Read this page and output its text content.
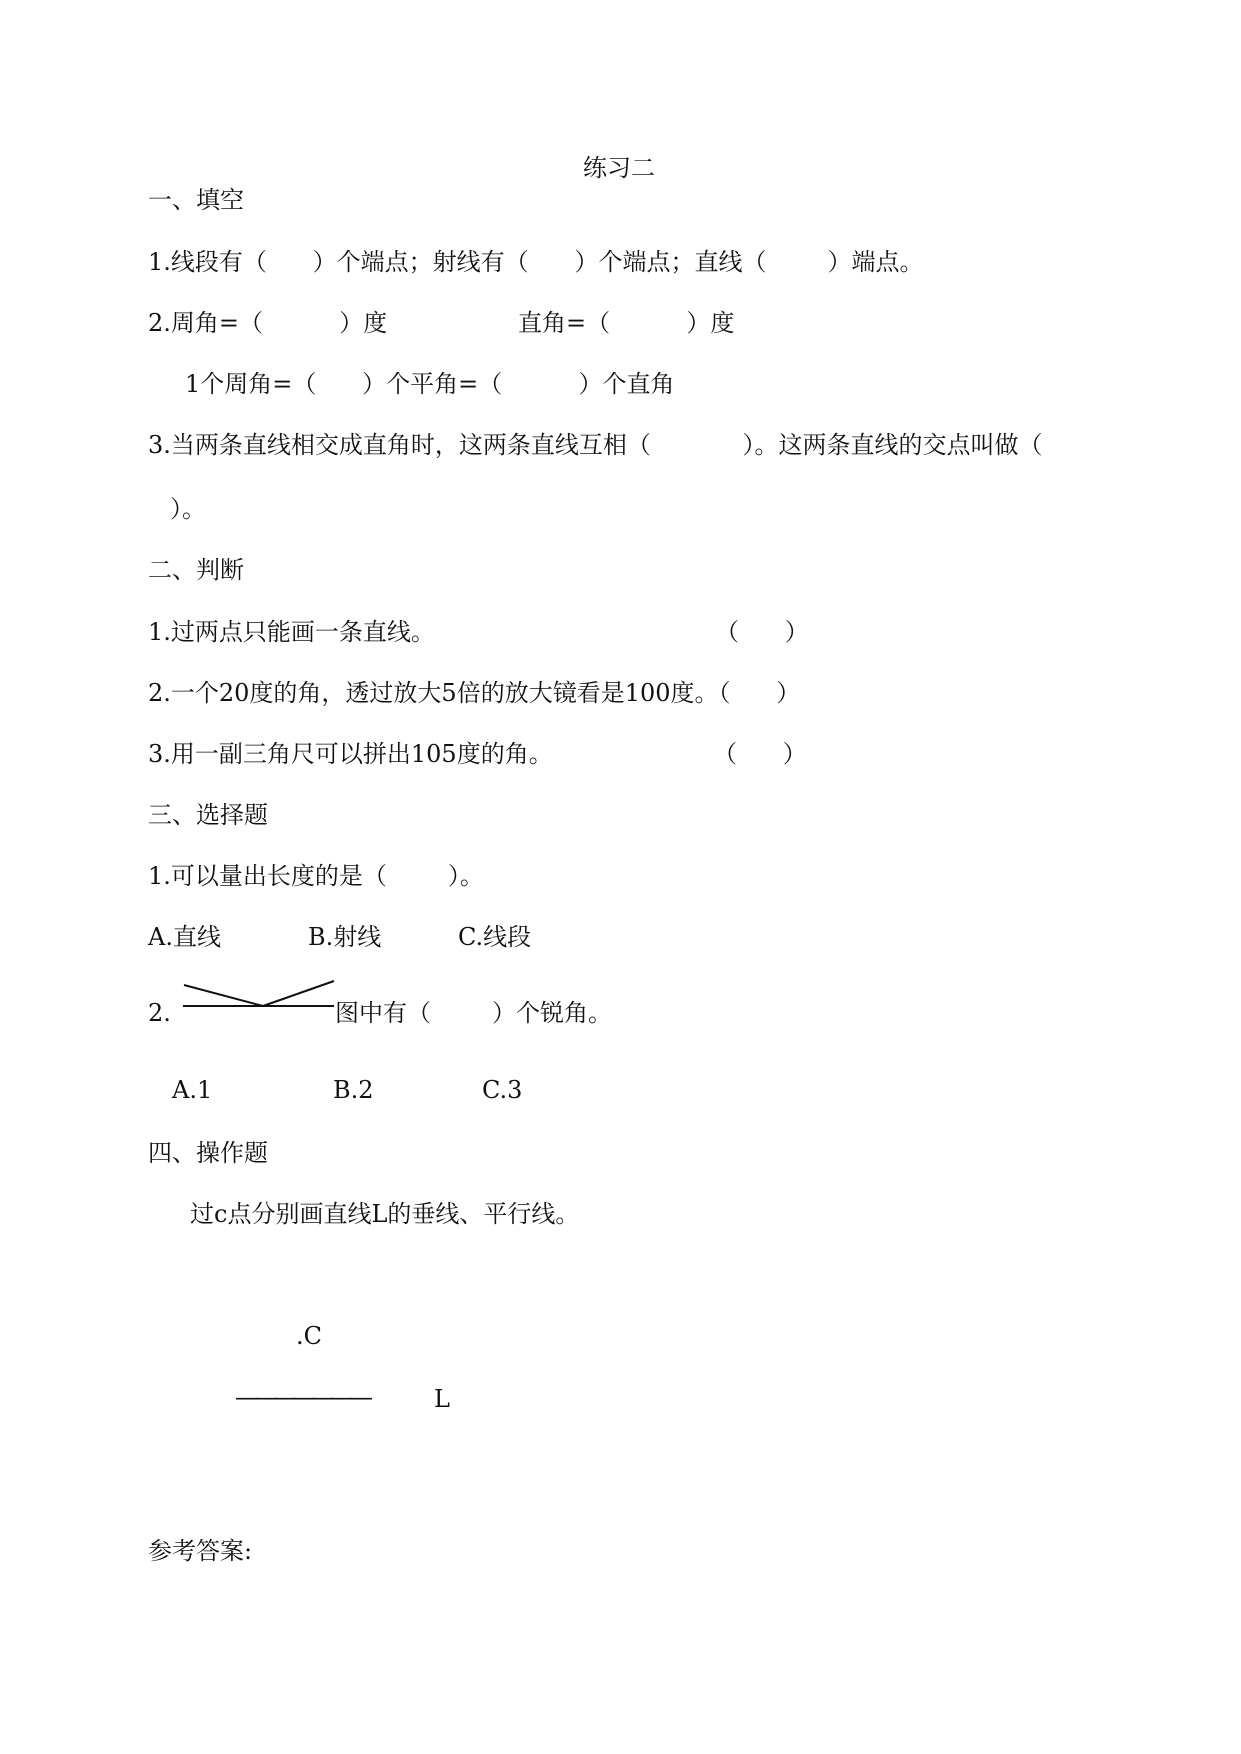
练习二

一、填空

1.线段有（      ）个端点；射线有（      ）个端点；直线（        ）端点。

2.周角=（          ）度	直角=（          ）度

1个周角=（      ）个平角=（          ）个直角

3.当两条直线相交成直角时，这两条直线互相（            ）。这两条直线的交点叫做（

）。

二、判断

1.过两点只能画一条直线。	（      ）

2.一个20度的角，透过放大5倍的放大镜看是100度。（      ）

3.用一副三角尺可以拼出105度的角。	（      ）

三、选择题

1.可以量出长度的是（        ）。

A.直线	B.射线	C.线段

2.	图中有（        ）个锐角。

A.1	B.2	C.3

四、操作题

过c点分别画直线L的垂线、平行线。

.C

———————	L

参考答案:
